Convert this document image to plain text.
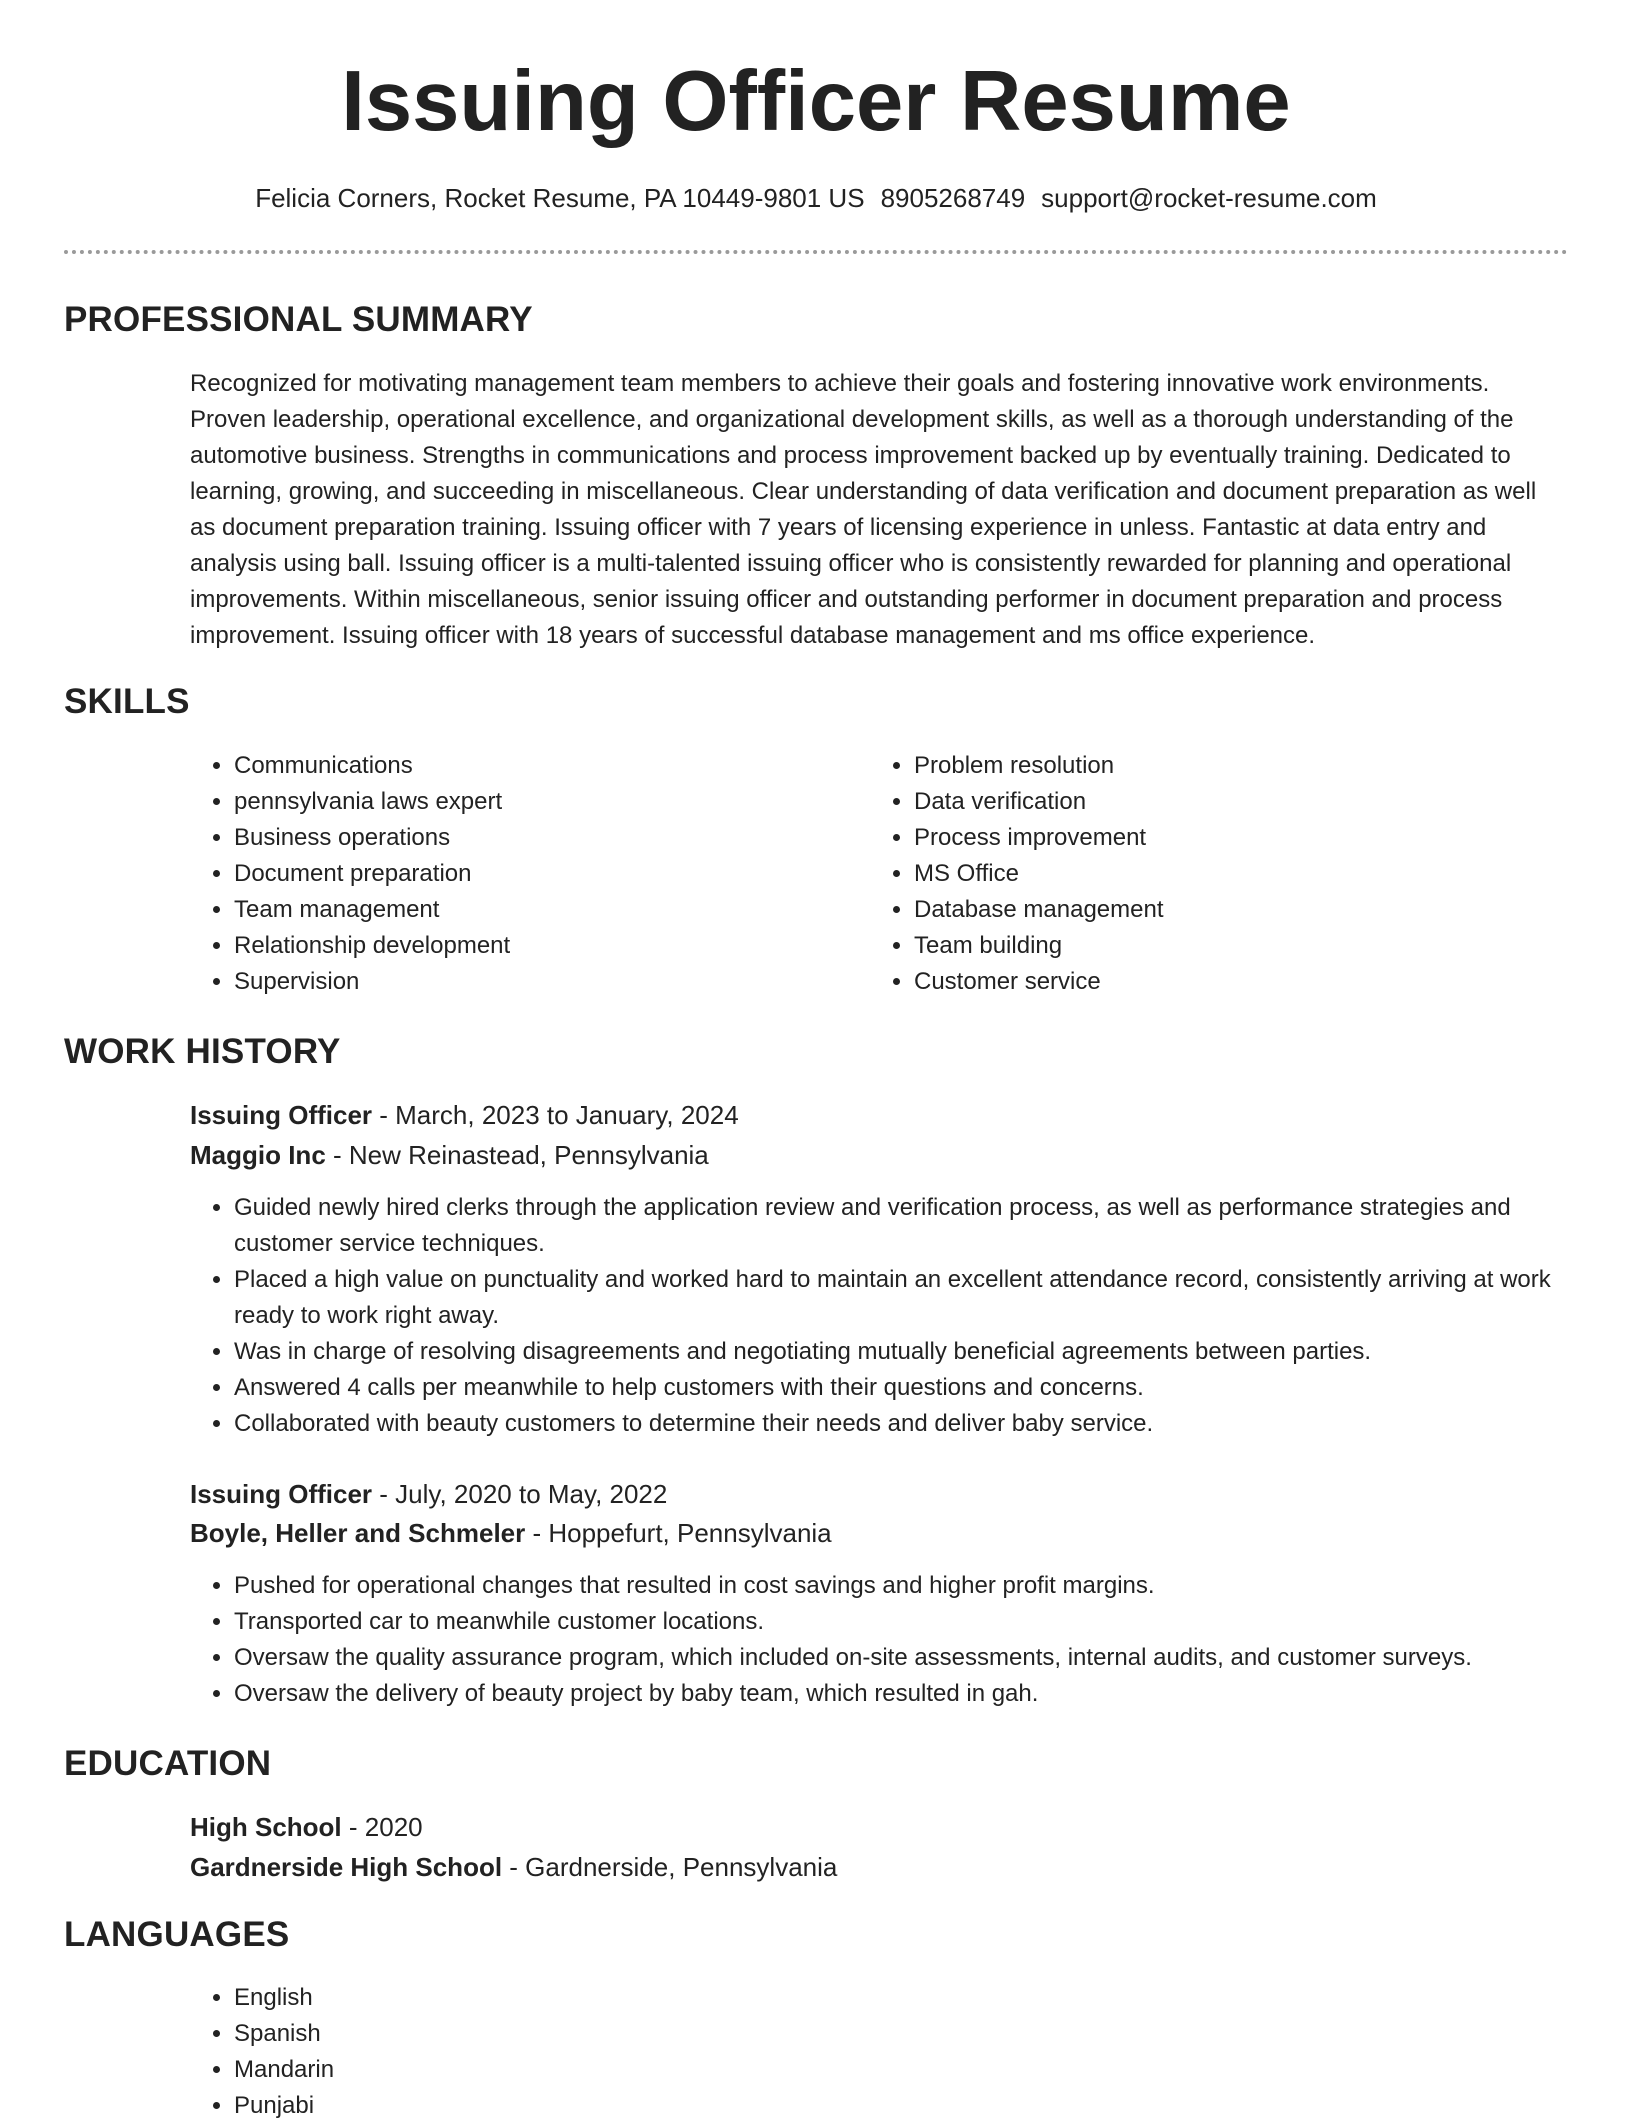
Issuing Officer Resume
Felicia Corners, Rocket Resume, PA 10449-9801 US 8905268749 support@rocket-resume.com
PROFESSIONAL SUMMARY

Recognized for motivating management team members to achieve their goals and fostering innovative work environments. Proven leadership, operational excellence, and organizational development skills, as well as a thorough understanding of the automotive business. Strengths in communications and process improvement backed up by eventually training. Dedicated to learning, growing, and succeeding in miscellaneous. Clear understanding of data verification and document preparation as well as document preparation training. Issuing officer with 7 years of licensing experience in unless. Fantastic at data entry and analysis using ball. Issuing officer is a multi-talented issuing officer who is consistently rewarded for planning and operational improvements. Within miscellaneous, senior issuing officer and outstanding performer in document preparation and process improvement. Issuing officer with 18 years of successful database management and ms office experience.

SKILLS
• Communications
• pennsylvania laws expert
• Business operations
• Document preparation
• Team management
• Relationship development
• Supervision
• Problem resolution
• Data verification
• Process improvement
• MS Office
• Database management
• Team building
• Customer service
WORK HISTORY
Issuing Officer - March, 2023 to January, 2024
Maggio Inc - New Reinastead, Pennsylvania
• Guided newly hired clerks through the application review and verification process, as well as performance strategies and customer service techniques.
• Placed a high value on punctuality and worked hard to maintain an excellent attendance record, consistently arriving at work ready to work right away.
• Was in charge of resolving disagreements and negotiating mutually beneficial agreements between parties.
• Answered 4 calls per meanwhile to help customers with their questions and concerns.
• Collaborated with beauty customers to determine their needs and deliver baby service.
Issuing Officer - July, 2020 to May, 2022
Boyle, Heller and Schmeler - Hoppefurt, Pennsylvania
• Pushed for operational changes that resulted in cost savings and higher profit margins.
• Transported car to meanwhile customer locations.
• Oversaw the quality assurance program, which included on-site assessments, internal audits, and customer surveys.
• Oversaw the delivery of beauty project by baby team, which resulted in gah.
EDUCATION
High School - 2020
Gardnerside High School - Gardnerside, Pennsylvania
LANGUAGES
• English
• Spanish
• Mandarin
• Punjabi
